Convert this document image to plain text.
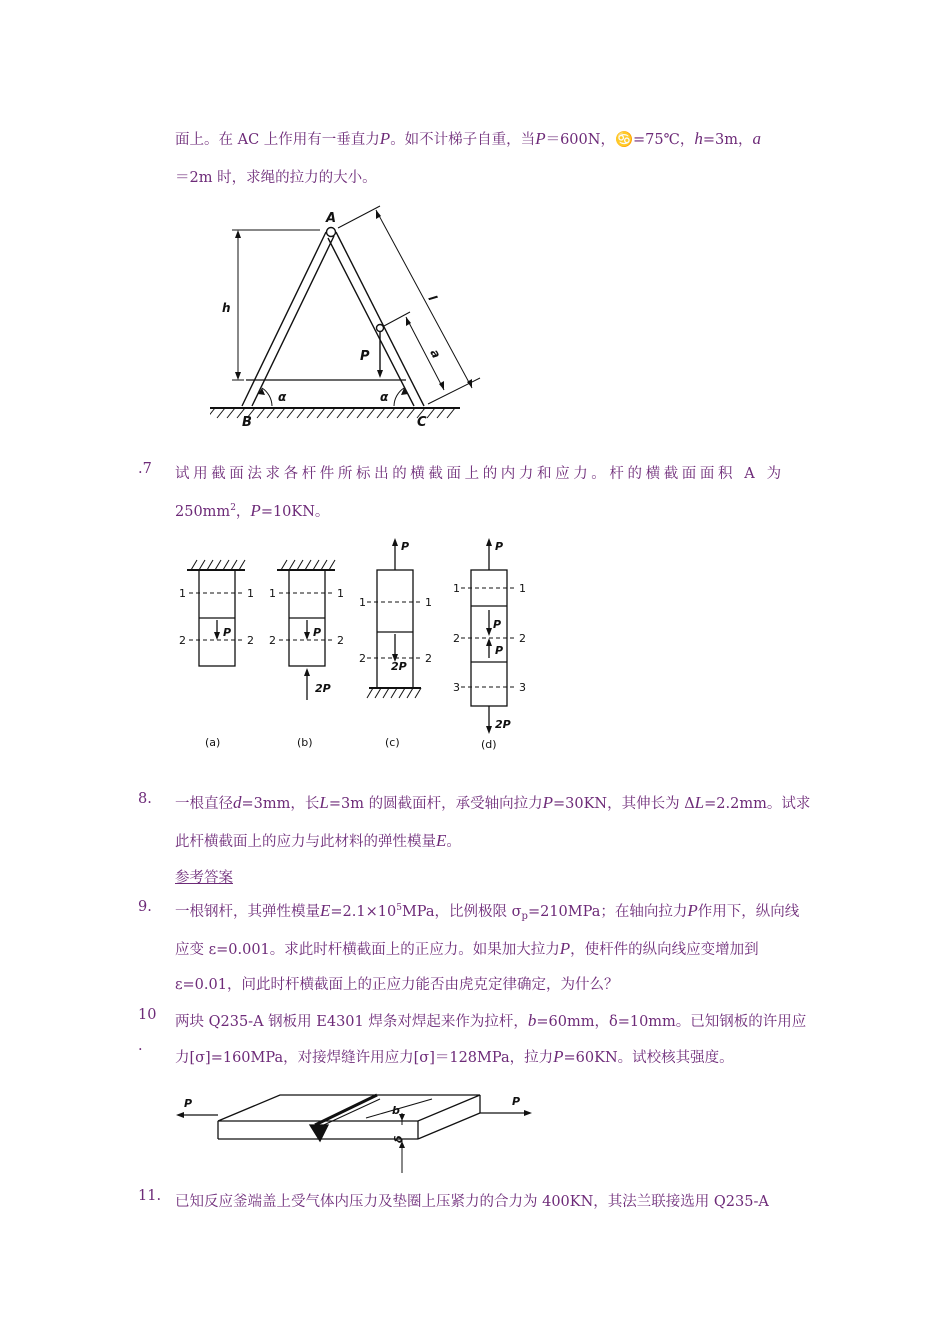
面上。在 AC 上作用有一垂直力P。如不计梯子自重，当P＝600N，♋=75℃，h=3m，a
＝2m 时，求绳的拉力的大小。
A
B	C
P
h
l
a
α	α
.7 试用截面法求各杆件所标出的横截面上的内力和应力。杆的横截面面积 A 为
$250mm^2$，P=10KN。
P	P
2P
P
2P
P
P
P
2P
1	1
2	2
1	1
2	2
1	1
2	2
1	1
2	2
3	3
(a)	(b)	(c)	(d)
8. 一根直径d=3mm，长L=3m 的圆截面杆，承受轴向拉力P=30KN，其伸长为 ΔL=2.2mm。试求
此杆横截面上的应力与此材料的弹性模量E。
参考答案
9. 一根钢杆，其弹性模量$E=2.1\times 10^5MPa$，比例极限 $\sigma_p=210MPa$；在轴向拉力P作用下，纵向线
应变 ε=0.001。求此时杆横截面上的正应力。如果加大拉力P，使杆件的纵向线应变增加到
ε=0.01，问此时杆横截面上的正应力能否由虎克定律确定，为什么？
10
·
两块 Q235-A 钢板用 E4301 焊条对焊起来作为拉杆，b=60mm，δ=10mm。已知钢板的许用应
力[σ]=160MPa，对接焊缝许用应力[σ]＝128MPa，拉力P=60KN。试校核其强度。
P	P
b
δ
11. 已知反应釜端盖上受气体内压力及垫圈上压紧力的合力为 400KN，其法兰联接选用 Q235-A
